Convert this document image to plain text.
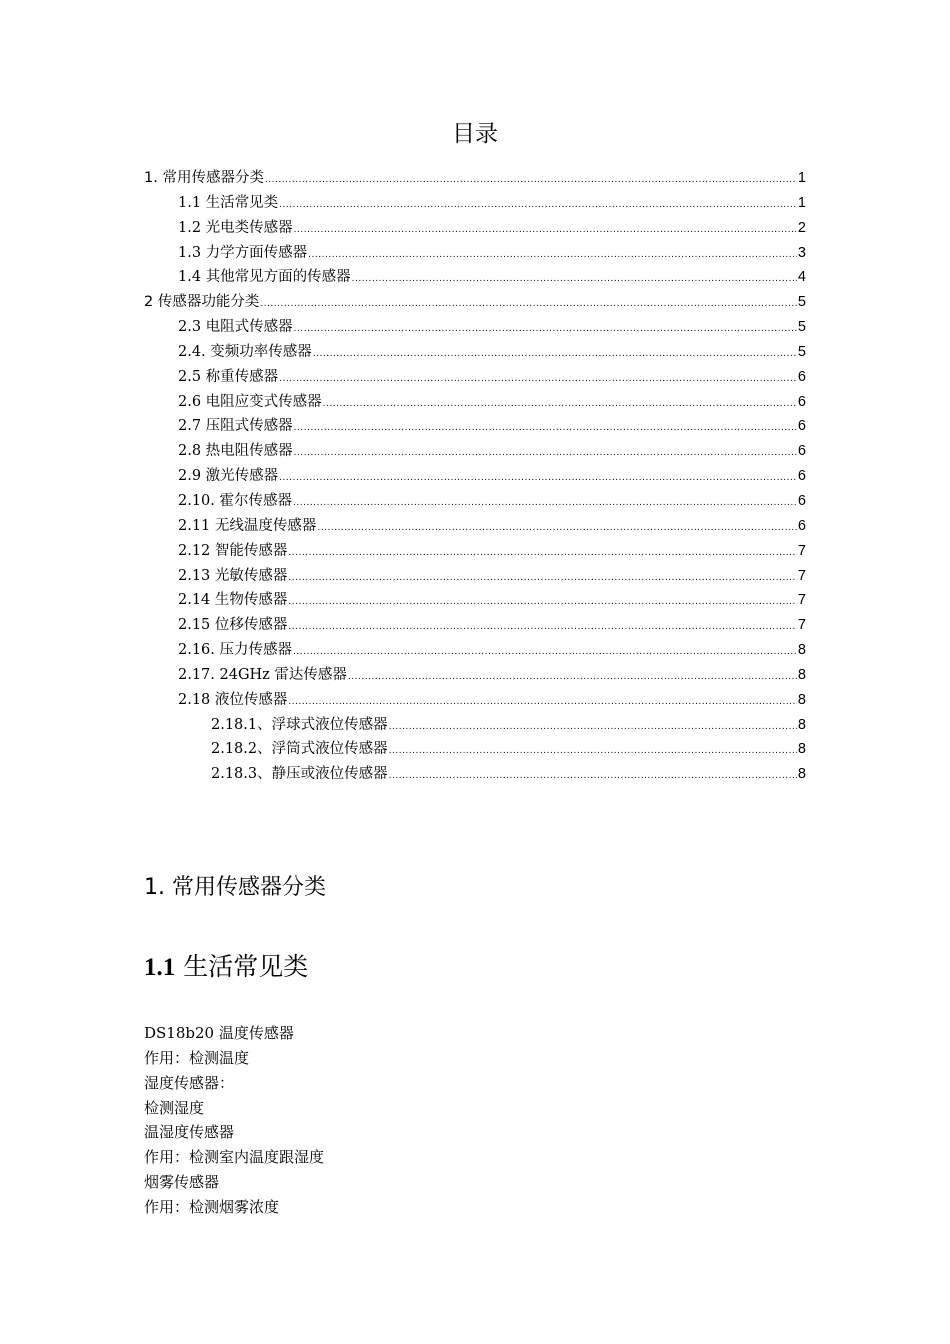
目录
1. 常用传感器分类 .....	1
1.1 生活常见类 .....	1
1.2 光电类传感器 .....	2
1.3 力学方面传感器 .....	3
1.4 其他常见方面的传感器 .....	4
2 传感器功能分类 .....	5
2.3 电阻式传感器 .....	5
2.4. 变频功率传感器 .....	5
2.5 称重传感器 .....	6
2.6 电阻应变式传感器 .....	6
2.7 压阻式传感器 .....	6
2.8 热电阻传感器 .....	6
2.9 激光传感器 .....	6
2.10. 霍尔传感器 .....	6
2.11 无线温度传感器 .....	6
2.12 智能传感器 .....	7
2.13 光敏传感器 .....	7
2.14 生物传感器 .....	7
2.15 位移传感器 .....	7
2.16. 压力传感器 .....	8
2.17. 24GHz 雷达传感器 .....	8
2.18 液位传感器 .....	8
2.18.1、浮球式液位传感器 .....	8
2.18.2、浮筒式液位传感器 .....	8
2.18.3、静压或液位传感器 .....	8
1. 常用传感器分类
1.1 生活常见类

DS18b20 温度传感器

作用：检测温度

湿度传感器：

检测湿度

温湿度传感器

作用：检测室内温度跟湿度

烟雾传感器

作用：检测烟雾浓度
